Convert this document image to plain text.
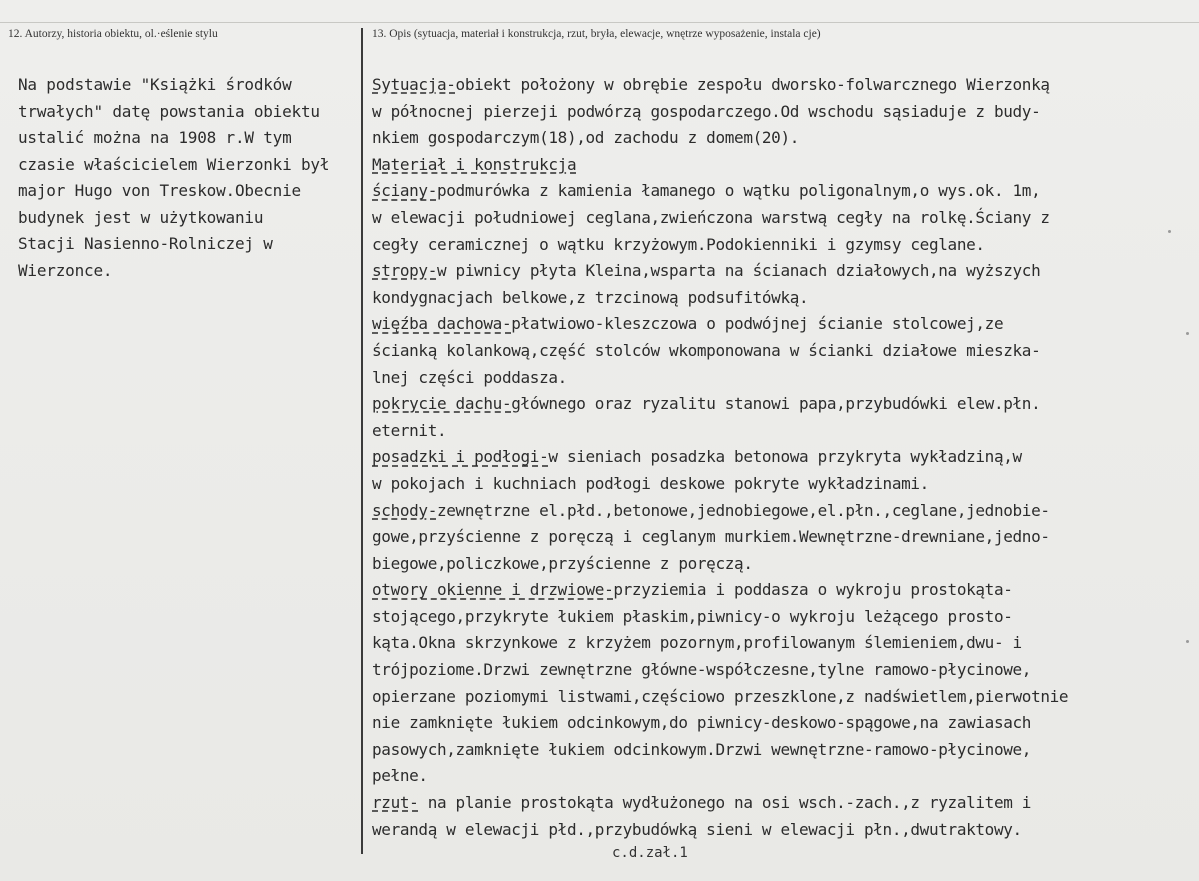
12. Autorzy, historia obiektu, ol.·eślenie stylu	13. Opis (sytuacja, materiał i konstrukcja, rzut, bryła, elewacje, wnętrze wyposażenie, instala cje)
Na podstawie "Książki środków
trwałych" datę powstania obiektu
ustalić można na 1908 r.W tym
czasie właścicielem Wierzonki był
major Hugo von Treskow.Obecnie
budynek jest w użytkowaniu
Stacji Nasienno-Rolniczej w
Wierzonce.
Sytuacja-obiekt położony w obrębie zespołu dworsko-folwarcznego Wierzonką
w północnej pierzeji podwórzą gospodarczego.Od wschodu sąsiaduje z budy-
nkiem gospodarczym(18),od zachodu z domem(20).
Materiał i konstrukcja
ściany-podmurówka z kamienia łamanego o wątku poligonalnym,o wys.ok. 1m,
w elewacji południowej ceglana,zwieńczona warstwą cegły na rolkę.Ściany z
cegły ceramicznej o wątku krzyżowym.Podokienniki i gzymsy ceglane.
stropy-w piwnicy płyta Kleina,wsparta na ścianach działowych,na wyższych
kondygnacjach belkowe,z trzcinową podsufitówką.
więźba dachowa-płatwiowo-kleszczowa o podwójnej ścianie stolcowej,ze
ścianką kolankową,część stolców wkomponowana w ścianki działowe mieszka-
lnej części poddasza.
pokrycie dachu-głównego oraz ryzalitu stanowi papa,przybudówki elew.płn.
eternit.
posadzki i podłogi-w sieniach posadzka betonowa przykryta wykładziną,w
w pokojach i kuchniach podłogi deskowe pokryte wykładzinami.
schody-zewnętrzne el.płd.,betonowe,jednobiegowe,el.płn.,ceglane,jednobie-
gowe,przyścienne z poręczą i ceglanym murkiem.Wewnętrzne-drewniane,jedno-
biegowe,policzkowe,przyścienne z poręczą.
otwory okienne i drzwiowe-przyziemia i poddasza o wykroju prostokąta-
stojącego,przykryte łukiem płaskim,piwnicy-o wykroju leżącego prosto-
kąta.Okna skrzynkowe z krzyżem pozornym,profilowanym ślemieniem,dwu- i
trójpoziome.Drzwi zewnętrzne główne-współczesne,tylne ramowo-płycinowe,
opierzane poziomymi listwami,częściowo przeszklone,z nadświetlem,pierwotnie
nie zamknięte łukiem odcinkowym,do piwnicy-deskowo-spągowe,na zawiasach
pasowych,zamknięte łukiem odcinkowym.Drzwi wewnętrzne-ramowo-płycinowe,
pełne.
rzut- na planie prostokąta wydłużonego na osi wsch.-zach.,z ryzalitem i
werandą w elewacji płd.,przybudówką sieni w elewacji płn.,dwutraktowy.
c.d.zał.1
